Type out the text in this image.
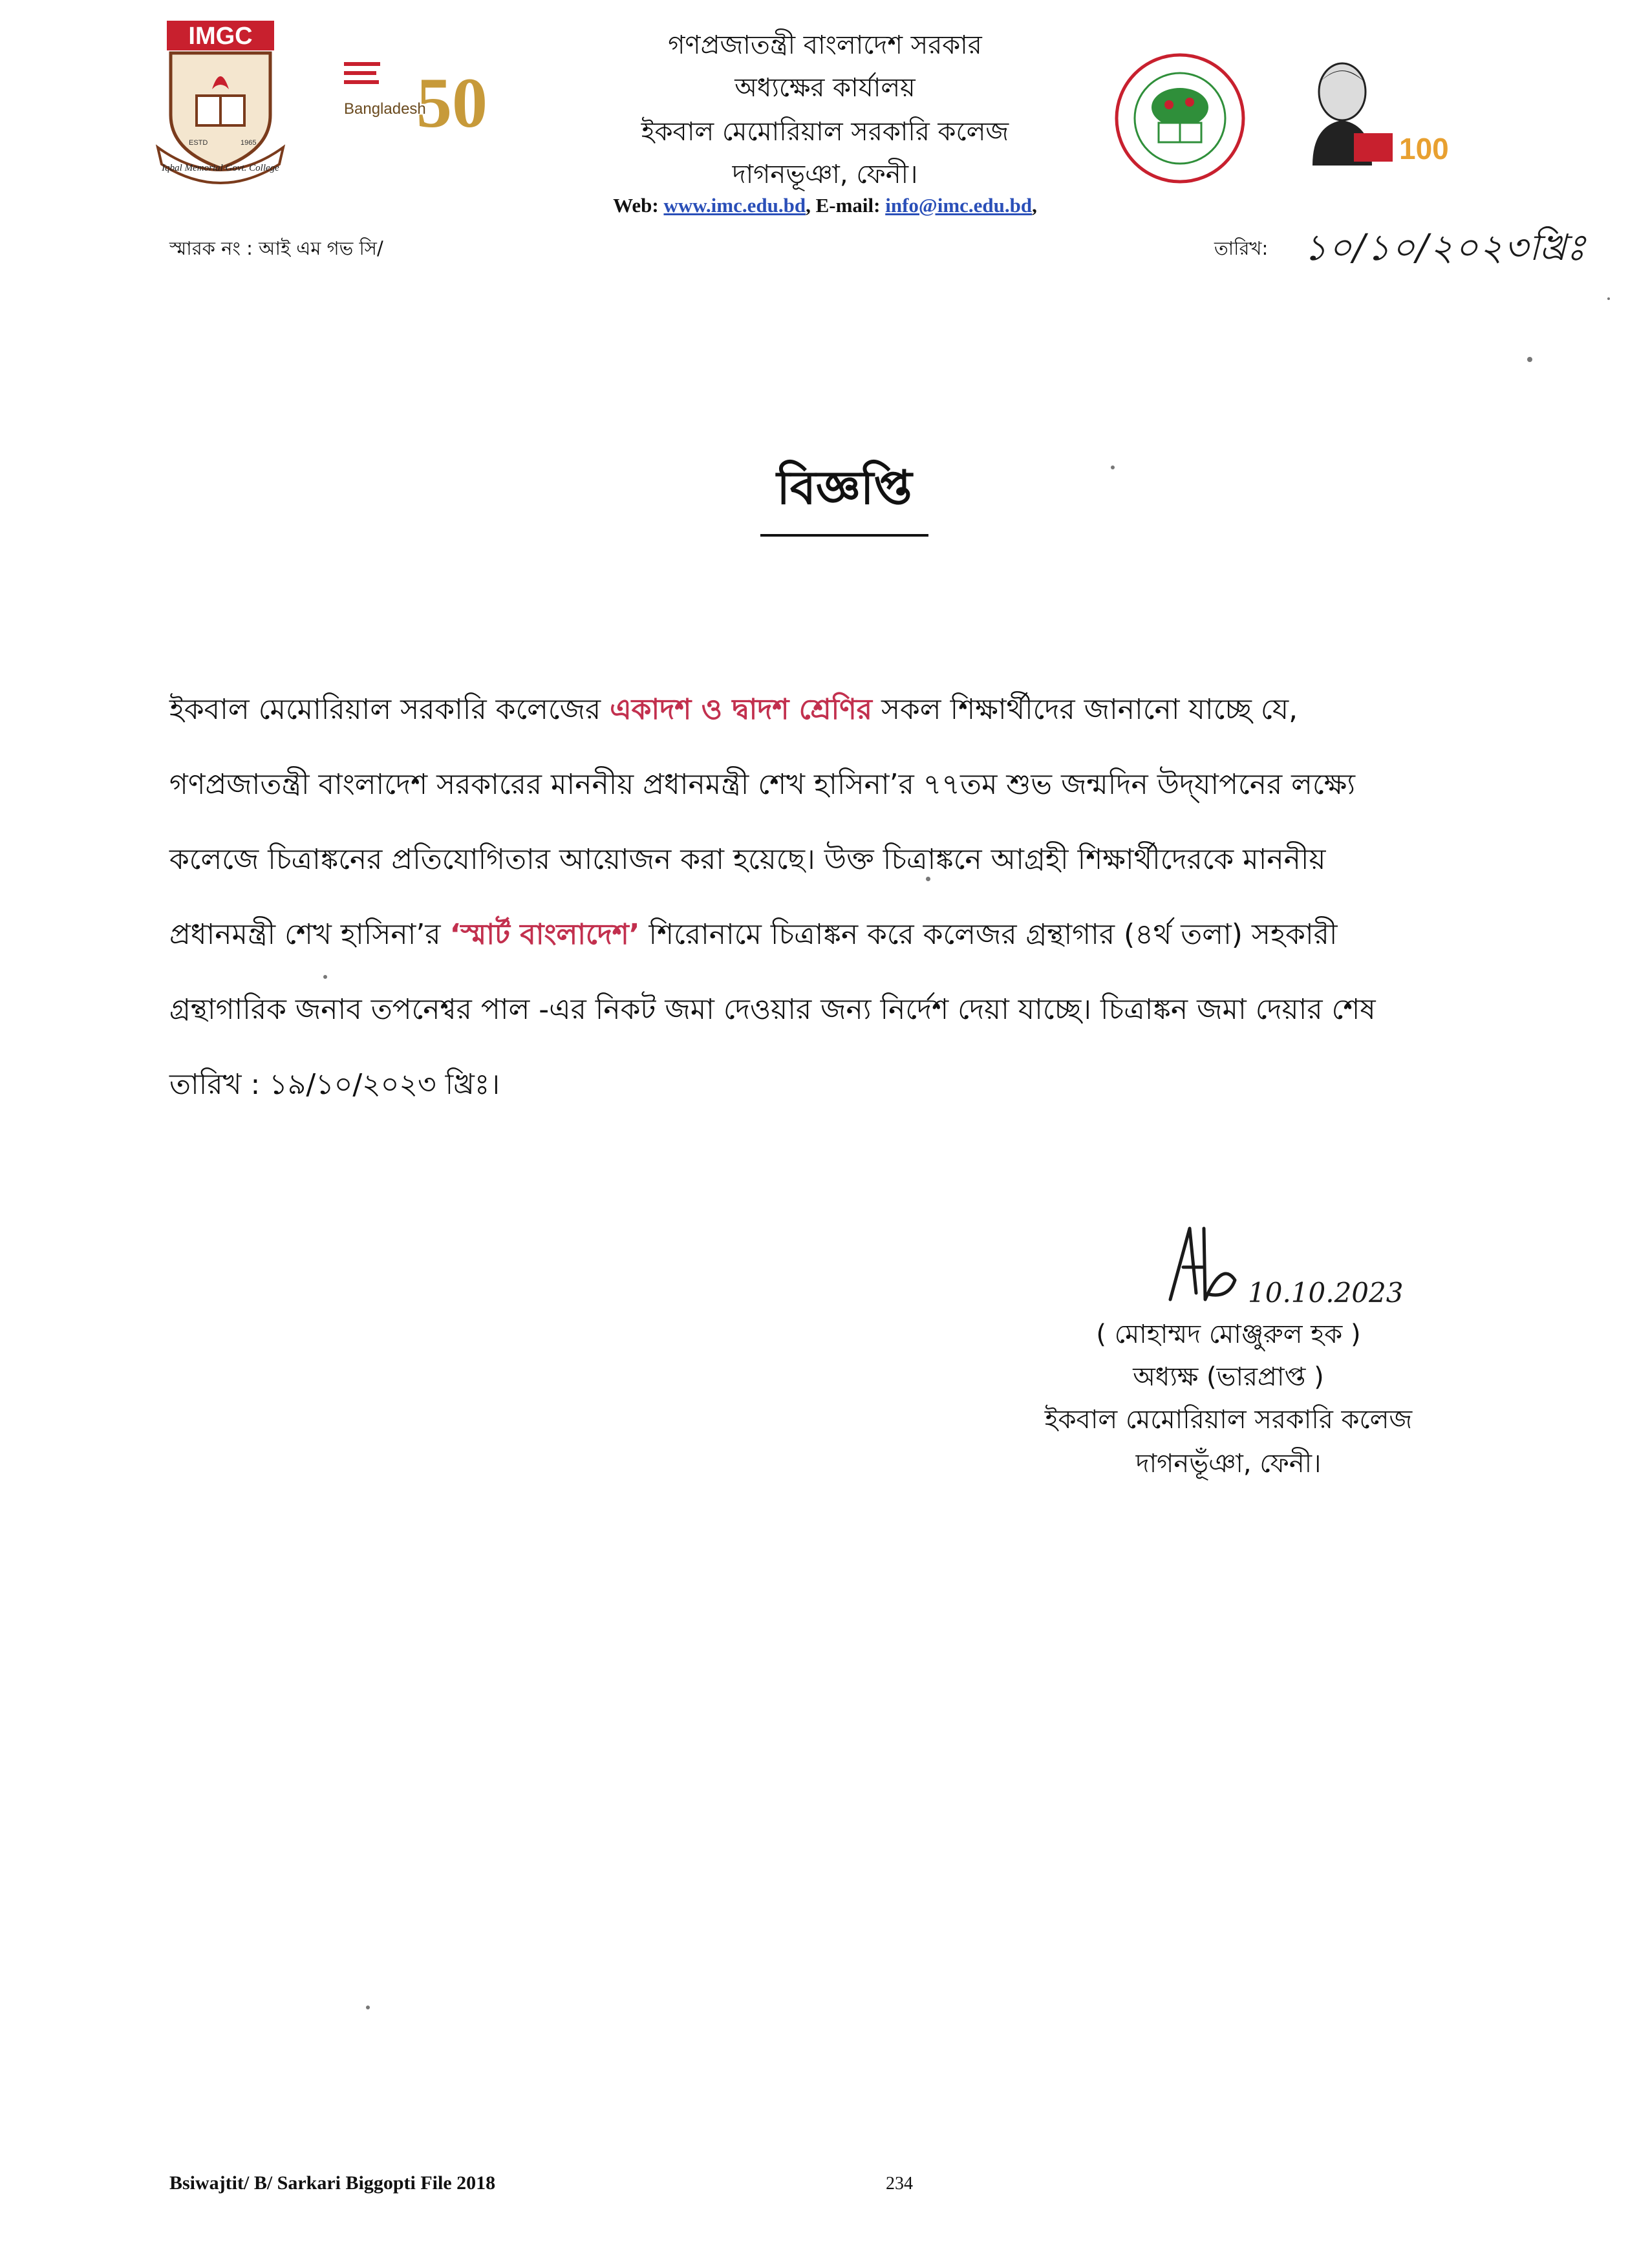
IMGC
Iqbal Memorial Govt. College
ESTD	1965
Bangladesh
50
100
গণপ্রজাতন্ত্রী বাংলাদেশ সরকার
অধ্যক্ষের কার্যালয়
ইকবাল মেমোরিয়াল সরকারি কলেজ
দাগনভূঞা, ফেনী।
Web: www.imc.edu.bd, E-mail: info@imc.edu.bd,
স্মারক নং : আই এম গভ সি/	তারিখ: ১০/১০/২০২৩খ্রিঃ
বিজ্ঞপ্তি
ইকবাল মেমোরিয়াল সরকারি কলেজের একাদশ ও দ্বাদশ শ্রেণির সকল শিক্ষার্থীদের জানানো যাচ্ছে যে,
গণপ্রজাতন্ত্রী বাংলাদেশ সরকারের মাননীয় প্রধানমন্ত্রী শেখ হাসিনা’র ৭৭তম শুভ জন্মদিন উদ্‌যাপনের লক্ষ্যে
কলেজে চিত্রাঙ্কনের প্রতিযোগিতার আয়োজন করা হয়েছে। উক্ত চিত্রাঙ্কনে আগ্রহী শিক্ষার্থীদেরকে মাননীয়
প্রধানমন্ত্রী শেখ হাসিনা’র ‘স্মার্ট বাংলাদেশ’ শিরোনামে চিত্রাঙ্কন করে কলেজর গ্রন্থাগার (৪র্থ তলা) সহকারী
গ্রন্থাগারিক জনাব তপনেশ্বর পাল -এর নিকট জমা দেওয়ার জন্য নির্দেশ দেয়া যাচ্ছে। চিত্রাঙ্কন জমা দেয়ার শেষ
তারিখ : ১৯/১০/২০২৩ খ্রিঃ।
10.10.2023
( মোহাম্মদ মোঞ্জুরুল হক )
অধ্যক্ষ (ভারপ্রাপ্ত )
ইকবাল মেমোরিয়াল সরকারি কলেজ
দাগনভূঁঞা, ফেনী।
Bsiwajtit/ B/ Sarkari Biggopti File 2018	234
